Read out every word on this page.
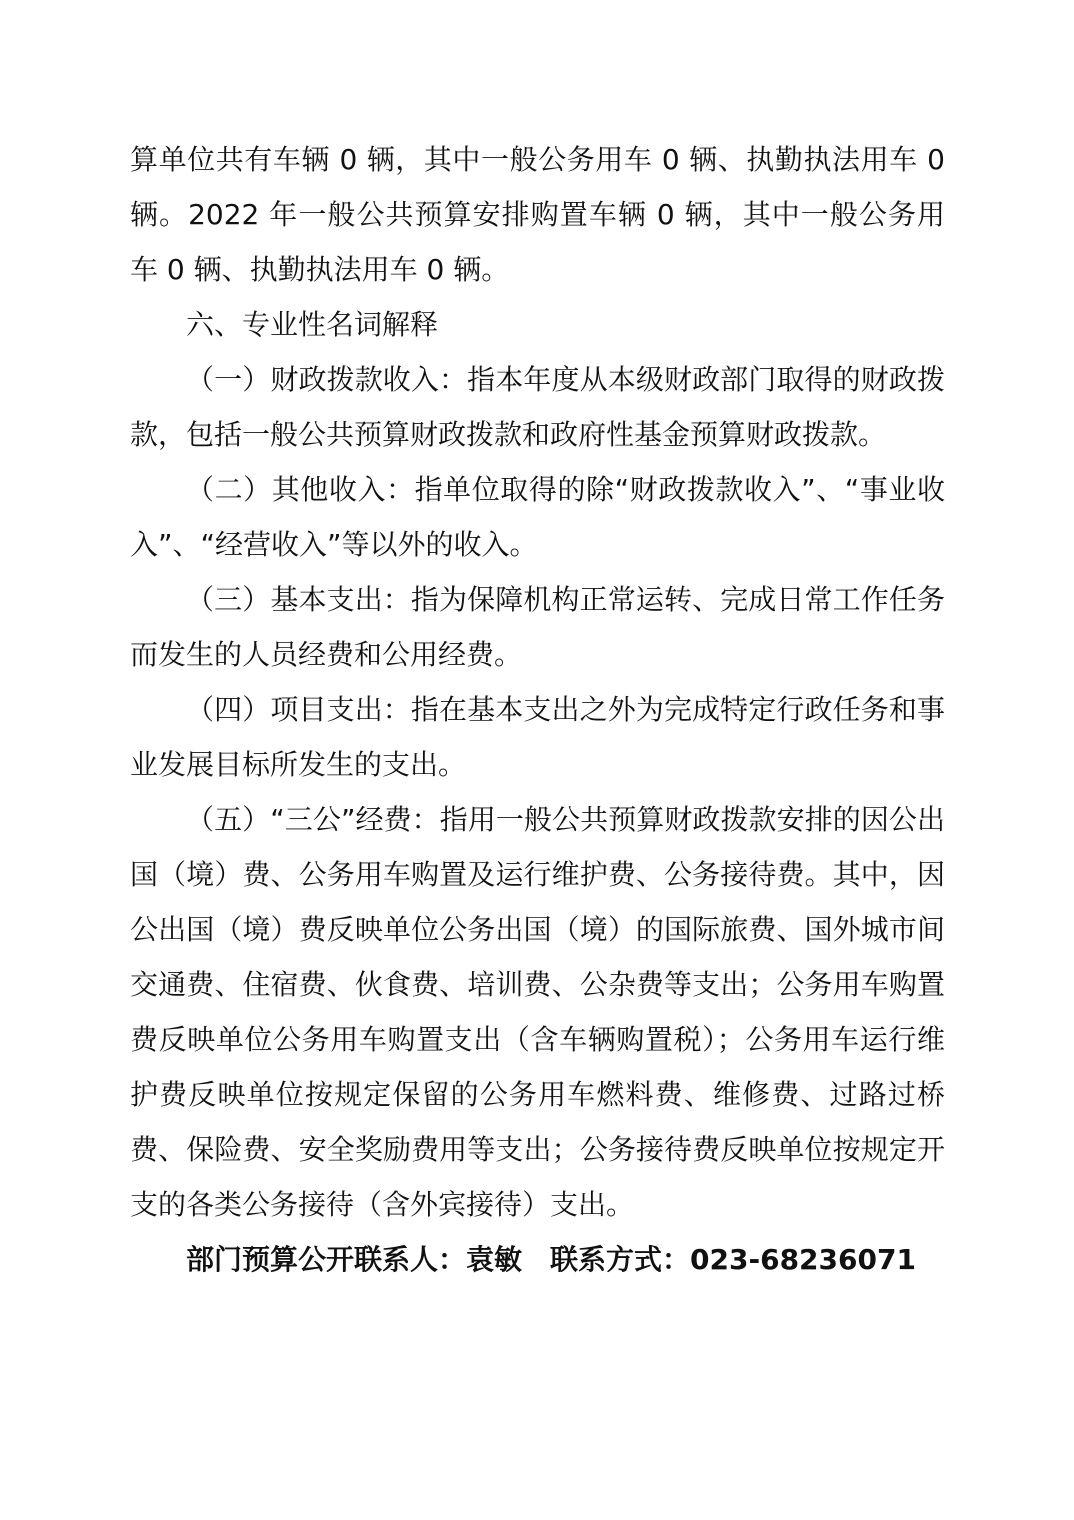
算单位共有车辆 0 辆，其中一般公务用车 0 辆、执勤执法用车 0 辆。2022 年一般公共预算安排购置车辆 0 辆，其中一般公务用车 0 辆、执勤执法用车 0 辆。

六、专业性名词解释

（一）财政拨款收入：指本年度从本级财政部门取得的财政拨款，包括一般公共预算财政拨款和政府性基金预算财政拨款。

（二）其他收入：指单位取得的除“财政拨款收入”、“事业收入”、“经营收入”等以外的收入。

（三）基本支出：指为保障机构正常运转、完成日常工作任务而发生的人员经费和公用经费。

（四）项目支出：指在基本支出之外为完成特定行政任务和事业发展目标所发生的支出。

（五）“三公”经费：指用一般公共预算财政拨款安排的因公出国（境）费、公务用车购置及运行维护费、公务接待费。其中，因公出国（境）费反映单位公务出国（境）的国际旅费、国外城市间交通费、住宿费、伙食费、培训费、公杂费等支出；公务用车购置费反映单位公务用车购置支出（含车辆购置税）；公务用车运行维护费反映单位按规定保留的公务用车燃料费、维修费、过路过桥费、保险费、安全奖励费用等支出；公务接待费反映单位按规定开支的各类公务接待（含外宾接待）支出。

部门预算公开联系人：袁敏 联系方式：023-68236071
